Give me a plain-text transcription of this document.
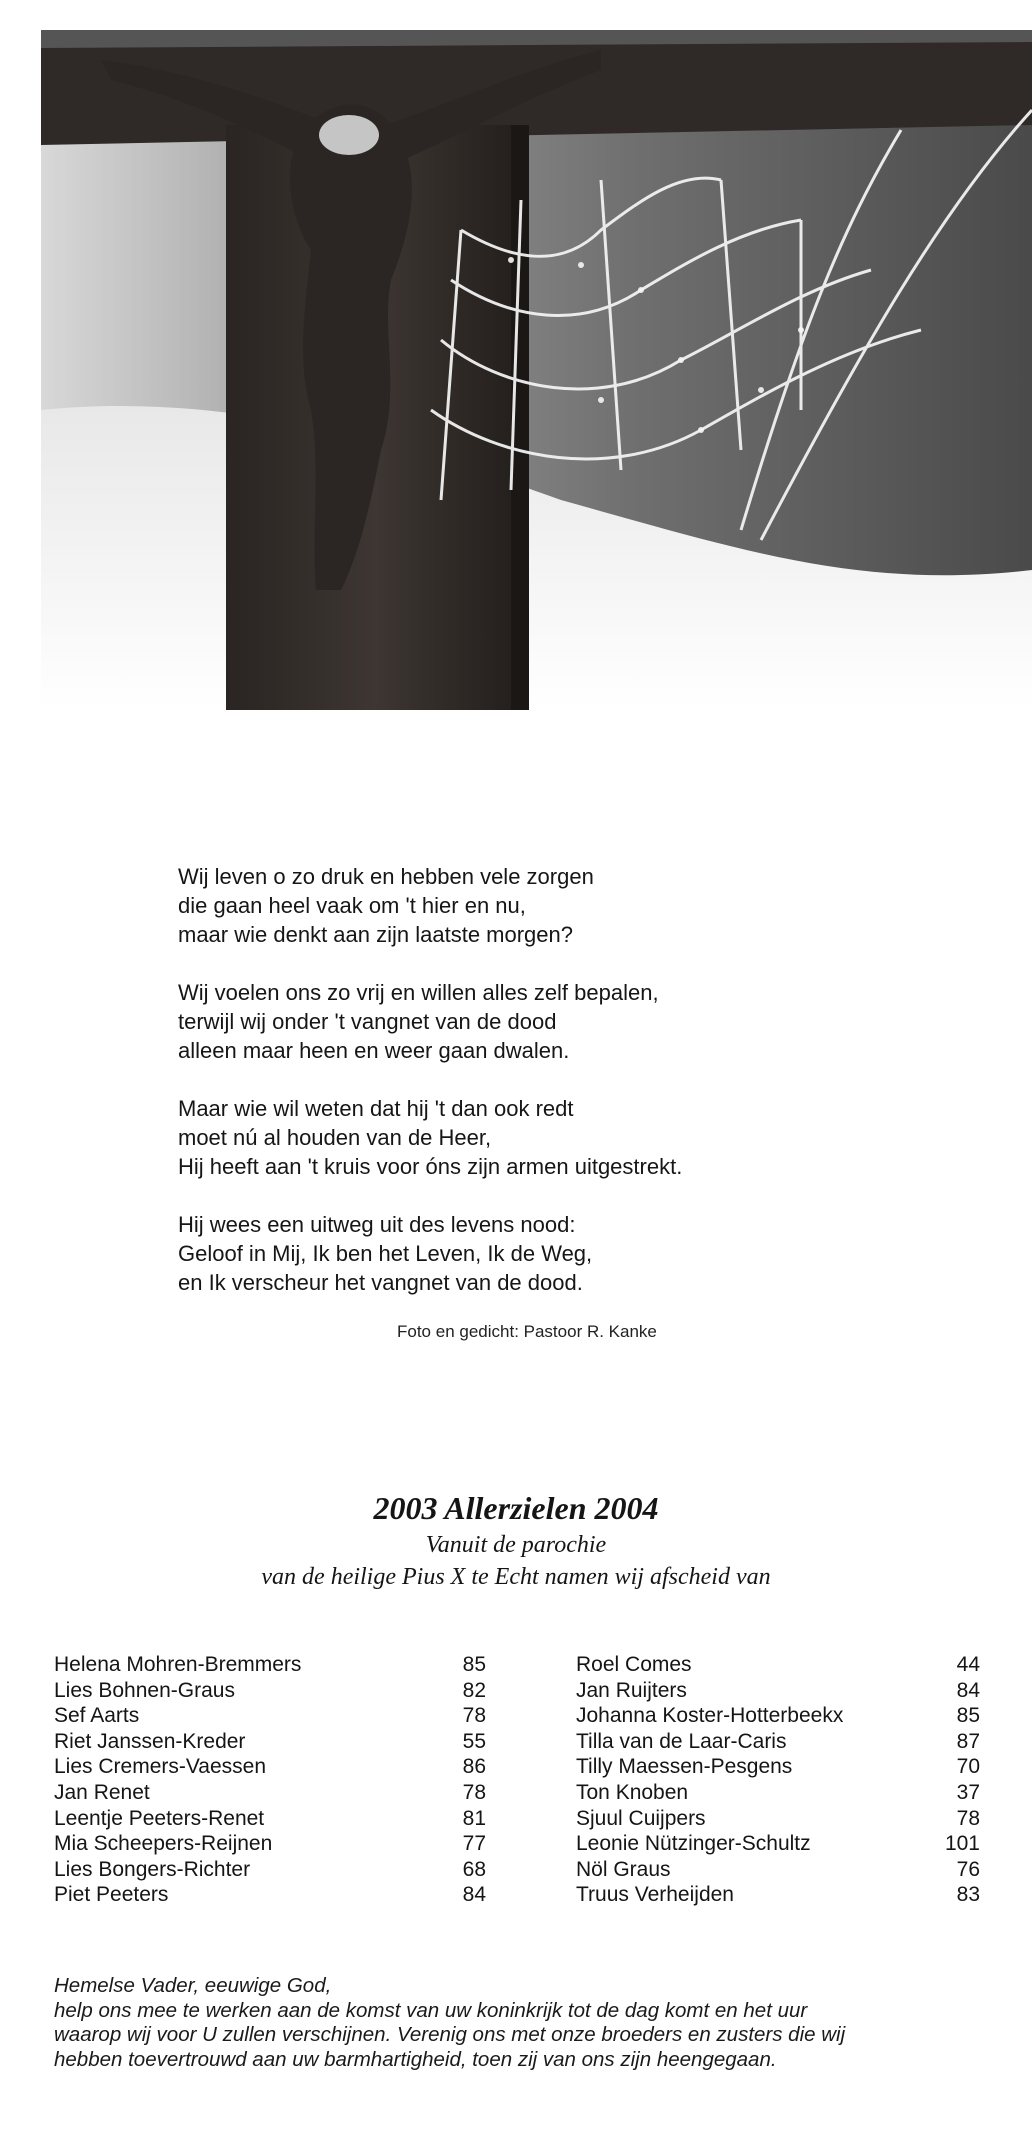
Wij leven o zo druk en hebben vele zorgen
die gaan heel vaak om 't hier en nu,
maar wie denkt aan zijn laatste morgen?
Wij voelen ons zo vrij en willen alles zelf bepalen,
terwijl wij onder 't vangnet van de dood
alleen maar heen en weer gaan dwalen.
Maar wie wil weten dat hij 't dan ook redt
moet nú al houden van de Heer,
Hij heeft aan 't kruis voor óns zijn armen uitgestrekt.
Hij wees een uitweg uit des levens nood:
Geloof in Mij, Ik ben het Leven, Ik de Weg,
en Ik verscheur het vangnet van de dood.
Foto en gedicht: Pastoor R. Kanke
2003 Allerzielen 2004
Vanuit de parochie
van de heilige Pius X te Echt namen wij afscheid van
Helena Mohren-Bremmers	85
Lies Bohnen-Graus	82
Sef Aarts	78
Riet Janssen-Kreder	55
Lies Cremers-Vaessen	86
Jan Renet	78
Leentje Peeters-Renet	81
Mia Scheepers-Reijnen	77
Lies Bongers-Richter	68
Piet Peeters	84
Roel Comes	44
Jan Ruijters	84
Johanna Koster-Hotterbeekx	85
Tilla van de Laar-Caris	87
Tilly Maessen-Pesgens	70
Ton Knoben	37
Sjuul Cuijpers	78
Leonie Nützinger-Schultz	101
Nöl Graus	76
Truus Verheijden	83
Hemelse Vader, eeuwige God,
help ons mee te werken aan de komst van uw koninkrijk tot de dag komt en het uur
waarop wij voor U zullen verschijnen. Verenig ons met onze broeders en zusters die wij
hebben toevertrouwd aan uw barmhartigheid, toen zij van ons zijn heengegaan.
